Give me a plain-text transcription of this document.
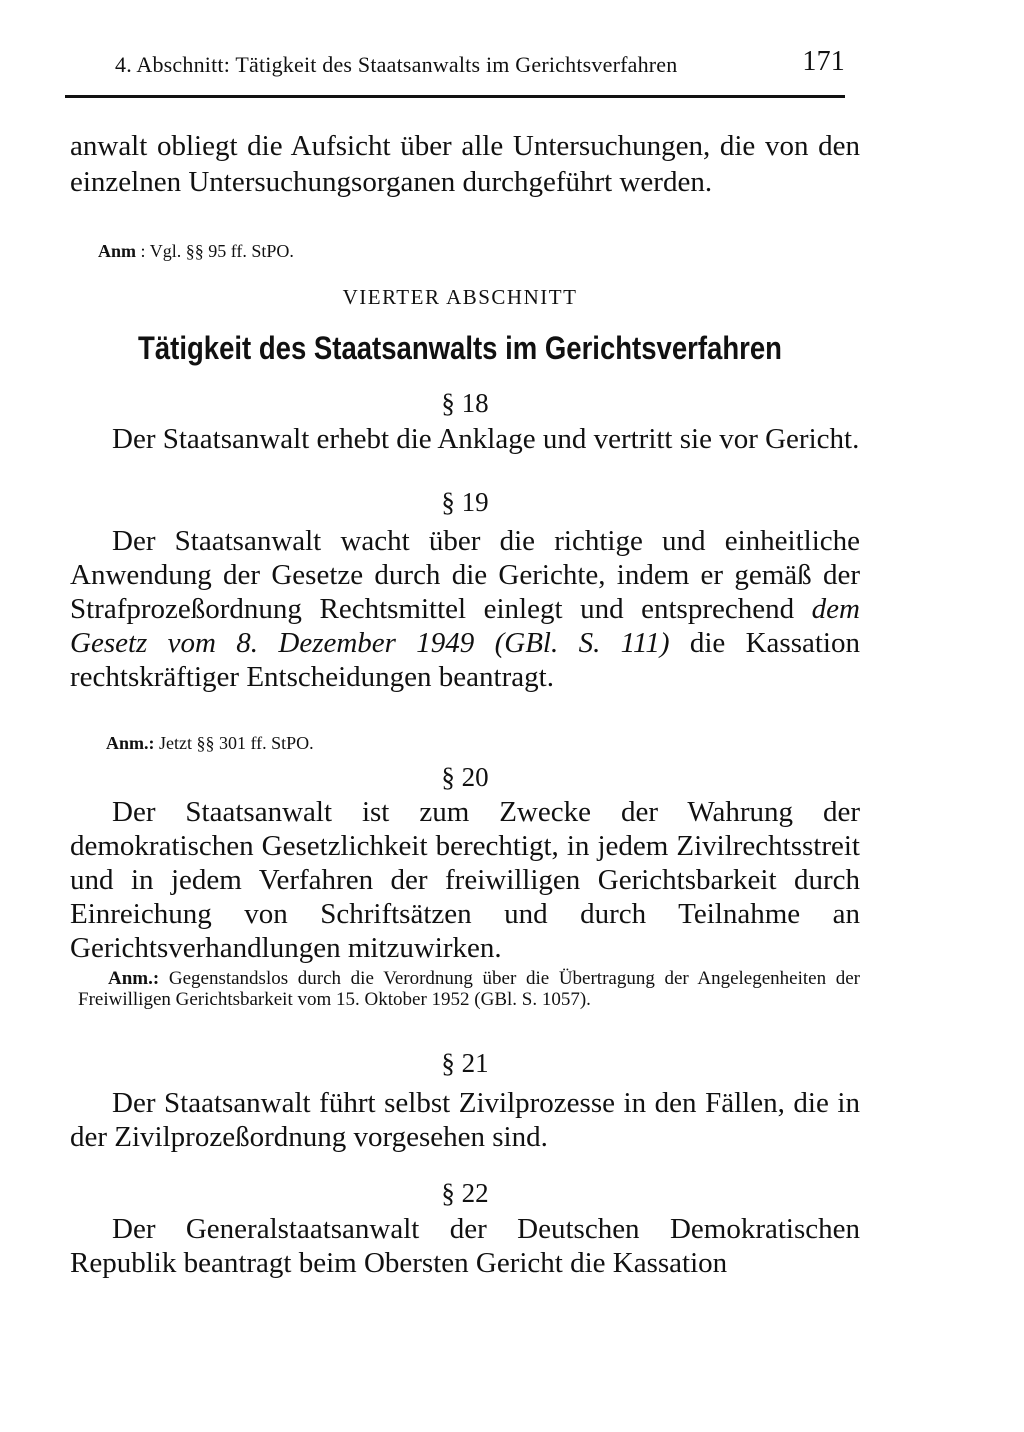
4. Abschnitt: Tätigkeit des Staatsanwalts im Gerichtsverfahren	171
anwalt obliegt die Aufsicht über alle Untersuchungen, die von den einzelnen Untersuchungsorganen durchgeführt werden.
Anm : Vgl. §§ 95 ff. StPO.
VIERTER ABSCHNITT
Tätigkeit des Staatsanwalts im Gerichtsverfahren
§ 18
Der Staatsanwalt erhebt die Anklage und vertritt sie vor Gericht.
§ 19
Der Staatsanwalt wacht über die richtige und einheitliche Anwendung der Gesetze durch die Gerichte, indem er gemäß der Strafprozeßordnung Rechtsmittel einlegt und entsprechend dem Gesetz vom 8. Dezember 1949 (GBl. S. 111) die Kassation rechtskräftiger Entscheidungen beantragt.
Anm.: Jetzt §§ 301 ff. StPO.
§ 20
Der Staatsanwalt ist zum Zwecke der Wahrung der demokratischen Gesetzlichkeit berechtigt, in jedem Zivilrechtsstreit und in jedem Verfahren der freiwilligen Gerichtsbarkeit durch Einreichung von Schriftsätzen und durch Teilnahme an Gerichtsverhandlungen mitzuwirken.
Anm.: Gegenstandslos durch die Verordnung über die Übertragung der Angelegenheiten der Freiwilligen Gerichtsbarkeit vom 15. Oktober 1952 (GBl. S. 1057).
§ 21
Der Staatsanwalt führt selbst Zivilprozesse in den Fällen, die in der Zivilprozeßordnung vorgesehen sind.
§ 22
Der Generalstaatsanwalt der Deutschen Demokratischen Republik beantragt beim Obersten Gericht die Kassation
